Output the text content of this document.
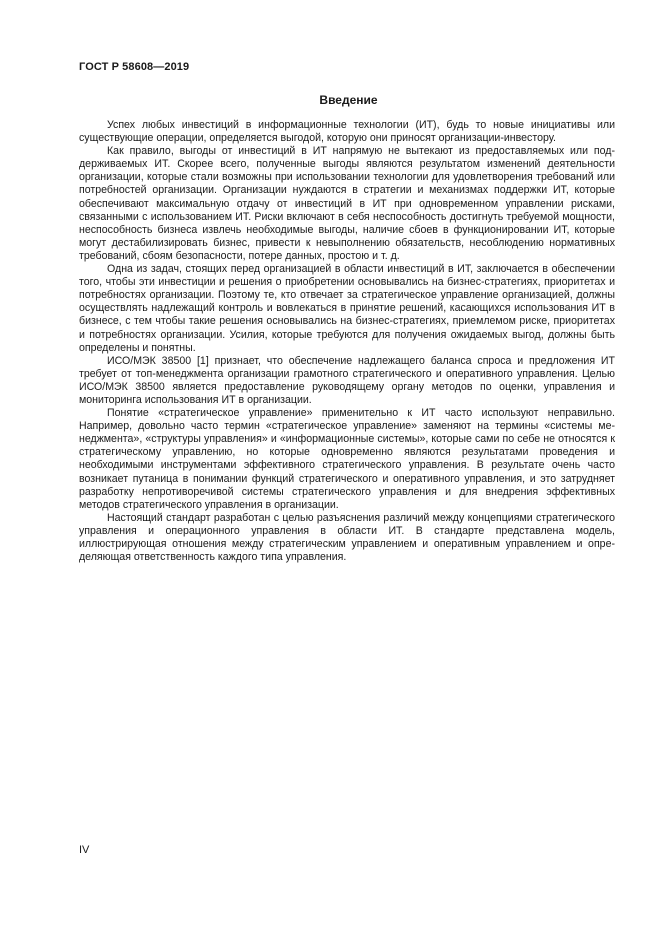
ГОСТ Р 58608—2019
Введение

Успех любых инвестиций в информационные технологии (ИТ), будь то новые инициативы или существующие операции, определяется выгодой, которую они приносят организации-инвестору.

Как правило, выгоды от инвестиций в ИТ напрямую не вытекают из предоставляемых или поддерживаемых ИТ. Скорее всего, полученные выгоды являются результатом изменений деятельности организации, которые стали возможны при использовании технологии для удовлетворения требований или потребностей организации. Организации нуждаются в стратегии и механизмах поддержки ИТ, которые обеспечивают максимальную отдачу от инвестиций в ИТ при одновременном управлении рисками, связанными с использованием ИТ. Риски включают в себя неспособность достигнуть требуемой мощности, неспособность бизнеса извлечь необходимые выгоды, наличие сбоев в функционировании ИТ, которые могут дестабилизировать бизнес, привести к невыполнению обязательств, несоблюдению нормативных требований, сбоям безопасности, потере данных, простою и т. д.

Одна из задач, стоящих перед организацией в области инвестиций в ИТ, заключается в обеспечении того, чтобы эти инвестиции и решения о приобретении основывались на бизнес-стратегиях, приоритетах и потребностях организации. Поэтому те, кто отвечает за стратегическое управление организацией, должны осуществлять надлежащий контроль и вовлекаться в принятие решений, касающихся использования ИТ в бизнесе, с тем чтобы такие решения основывались на бизнес-стратегиях, приемлемом риске, приоритетах и потребностях организации. Усилия, которые требуются для получения ожидаемых выгод, должны быть определены и понятны.

ИСО/МЭК 38500 [1] признает, что обеспечение надлежащего баланса спроса и предложения ИТ требует от топ-менеджмента организации грамотного стратегического и оперативного управления. Целью ИСО/МЭК 38500 является предоставление руководящему органу методов по оценки, управления и мониторинга использования ИТ в организации.

Понятие «стратегическое управление» применительно к ИТ часто используют неправильно. Например, довольно часто термин «стратегическое управление» заменяют на термины «системы менеджмента», «структуры управления» и «информационные системы», которые сами по себе не относятся к стратегическому управлению, но которые одновременно являются результатами проведения и необходимыми инструментами эффективного стратегического управления. В результате очень часто возникает путаница в понимании функций стратегического и оперативного управления, и это затрудняет разработку непротиворечивой системы стратегического управления и для внедрения эффективных методов стратегического управления в организации.

Настоящий стандарт разработан с целью разъяснения различий между концепциями стратегического управления и операционного управления в области ИТ. В стандарте представлена модель, иллюстрирующая отношения между стратегическим управлением и оперативным управлением и определяющая ответственность каждого типа управления.

IV
